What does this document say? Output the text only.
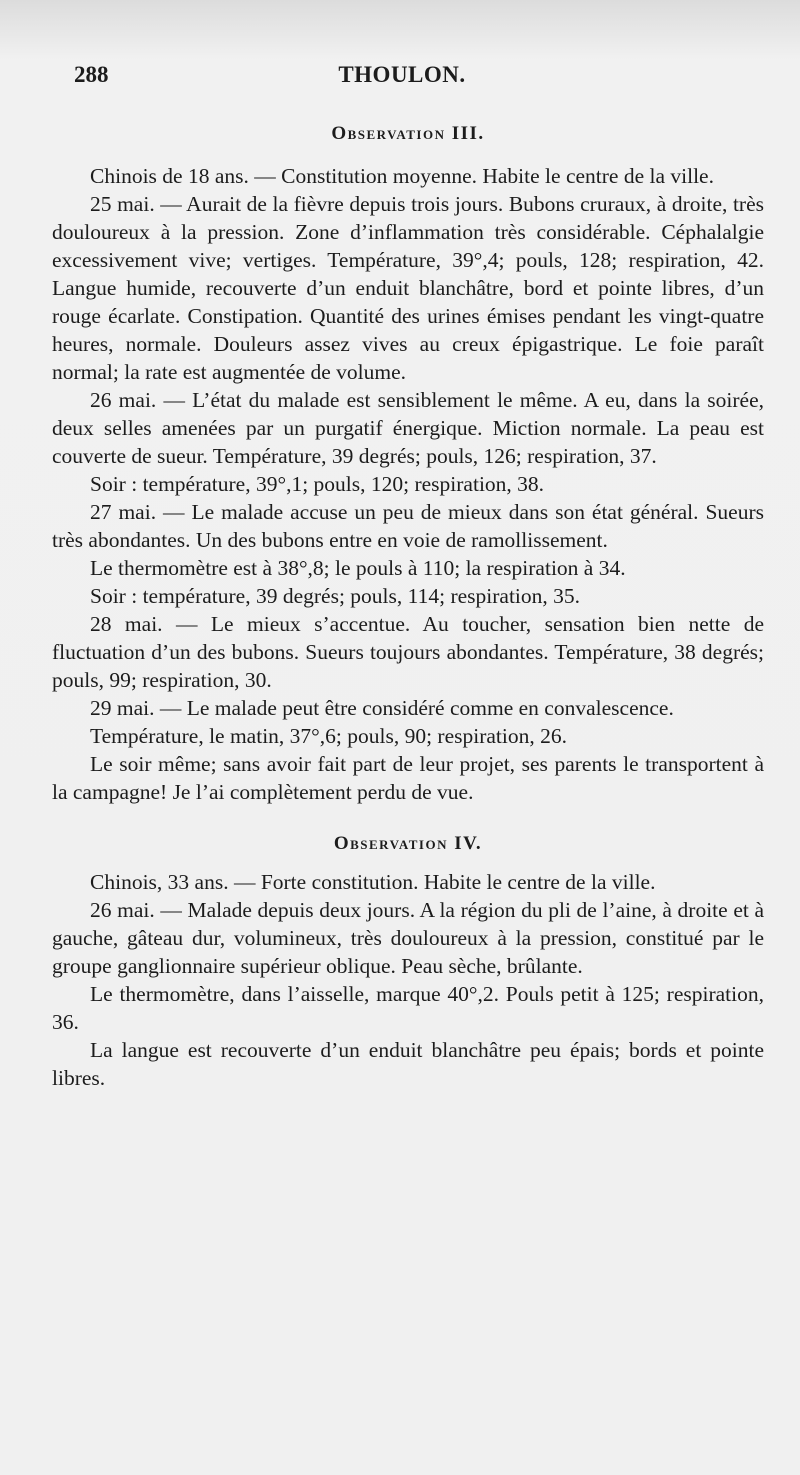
288	THOULON.
Observation III.

Chinois de 18 ans. — Constitution moyenne. Habite le centre de la ville.

25 mai. — Aurait de la fièvre depuis trois jours. Bubons cruraux, à droite, très douloureux à la pression. Zone d’inflammation très considérable. Céphalalgie excessivement vive; vertiges. Température, 39°,4; pouls, 128; respiration, 42. Langue humide, recouverte d’un enduit blanchâtre, bord et pointe libres, d’un rouge écarlate. Constipation. Quantité des urines émises pendant les vingt-quatre heures, normale. Douleurs assez vives au creux épigastrique. Le foie paraît normal; la rate est augmentée de volume.

26 mai. — L’état du malade est sensiblement le même. A eu, dans la soirée, deux selles amenées par un purgatif énergique. Miction normale. La peau est couverte de sueur. Température, 39 degrés; pouls, 126; respiration, 37.

Soir : température, 39°,1; pouls, 120; respiration, 38.

27 mai. — Le malade accuse un peu de mieux dans son état général. Sueurs très abondantes. Un des bubons entre en voie de ramollissement.

Le thermomètre est à 38°,8; le pouls à 110; la respiration à 34.

Soir : température, 39 degrés; pouls, 114; respiration, 35.

28 mai. — Le mieux s’accentue. Au toucher, sensation bien nette de fluctuation d’un des bubons. Sueurs toujours abondantes. Température, 38 degrés; pouls, 99; respiration, 30.

29 mai. — Le malade peut être considéré comme en convalescence.

Température, le matin, 37°,6; pouls, 90; respiration, 26.

Le soir même; sans avoir fait part de leur projet, ses parents le transportent à la campagne! Je l’ai complètement perdu de vue.

Observation IV.

Chinois, 33 ans. — Forte constitution. Habite le centre de la ville.

26 mai. — Malade depuis deux jours. A la région du pli de l’aine, à droite et à gauche, gâteau dur, volumineux, très douloureux à la pression, constitué par le groupe ganglionnaire supérieur oblique. Peau sèche, brûlante.

Le thermomètre, dans l’aisselle, marque 40°,2. Pouls petit à 125; respiration, 36.

La langue est recouverte d’un enduit blanchâtre peu épais; bords et pointe libres.
